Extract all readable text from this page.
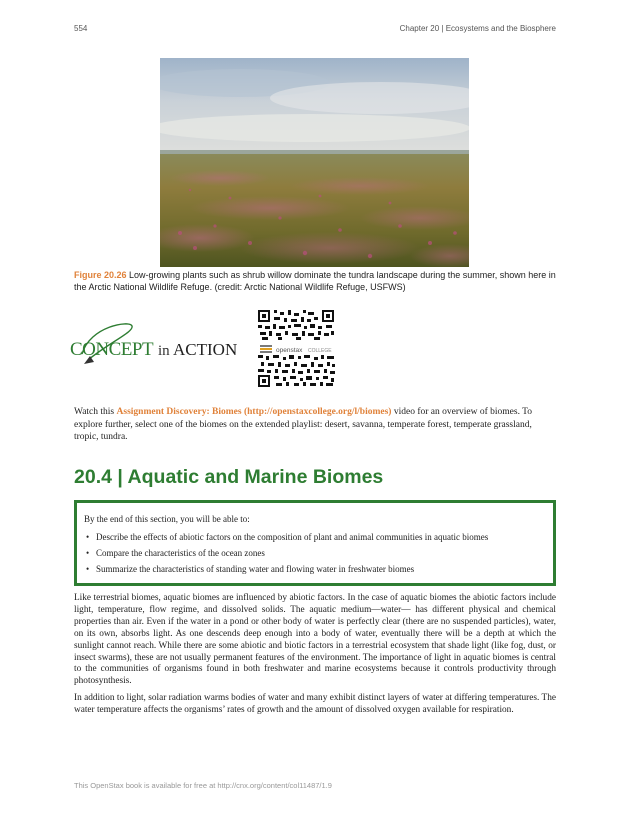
554	Chapter 20 | Ecosystems and the Biosphere
Figure 20.26 Low-growing plants such as shrub willow dominate the tundra landscape during the summer, shown here in the Arctic National Wildlife Refuge. (credit: Arctic National Wildlife Refuge, USFWS)
CONCEPT in ACTION	openstax COLLEGE
Watch this Assignment Discovery: Biomes (http://openstaxcollege.org/l/biomes) video for an overview of biomes. To explore further, select one of the biomes on the extended playlist: desert, savanna, temperate forest, temperate grassland, tropic, tundra.
20.4 | Aquatic and Marine Biomes
By the end of this section, you will be able to:
• Describe the effects of abiotic factors on the composition of plant and animal communities in aquatic biomes
• Compare the characteristics of the ocean zones
• Summarize the characteristics of standing water and flowing water in freshwater biomes

Like terrestrial biomes, aquatic biomes are influenced by abiotic factors. In the case of aquatic biomes the abiotic factors include light, temperature, flow regime, and dissolved solids. The aquatic medium—water— has different physical and chemical properties than air. Even if the water in a pond or other body of water is perfectly clear (there are no suspended particles), water, on its own, absorbs light. As one descends deep enough into a body of water, eventually there will be a depth at which the sunlight cannot reach. While there are some abiotic and biotic factors in a terrestrial ecosystem that shade light (like fog, dust, or insect swarms), these are not usually permanent features of the environment. The importance of light in aquatic biomes is central to the communities of organisms found in both freshwater and marine ecosystems because it controls productivity through photosynthesis.

In addition to light, solar radiation warms bodies of water and many exhibit distinct layers of water at differing temperatures. The water temperature affects the organisms’ rates of growth and the amount of dissolved oxygen available for respiration.

This OpenStax book is available for free at http://cnx.org/content/col11487/1.9
